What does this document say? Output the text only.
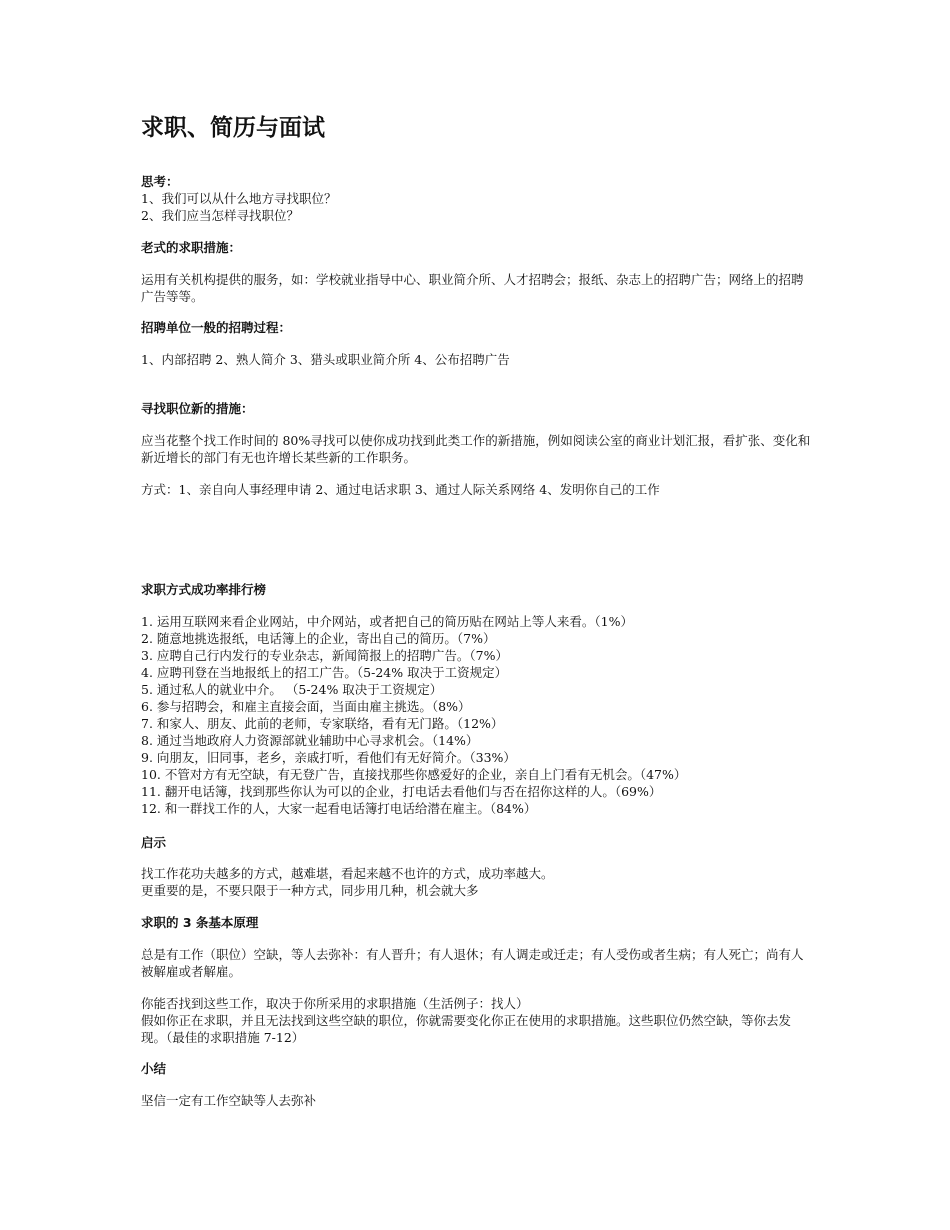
求职、简历与面试
思考：
1、我们可以从什么地方寻找职位？
2、我们应当怎样寻找职位？
老式的求职措施：
运用有关机构提供的服务，如：学校就业指导中心、职业简介所、人才招聘会；报纸、杂志上的招聘广告；网络上的招聘广告等等。
招聘单位一般的招聘过程：
1、内部招聘 2、熟人简介 3、猎头或职业简介所 4、公布招聘广告
寻找职位新的措施：
应当花整个找工作时间的 80%寻找可以使你成功找到此类工作的新措施，例如阅读公室的商业计划汇报，看扩张、变化和新近增长的部门有无也许增长某些新的工作职务。
方式：1、亲自向人事经理申请 2、通过电话求职 3、通过人际关系网络 4、发明你自己的工作
求职方式成功率排行榜
1. 运用互联网来看企业网站，中介网站，或者把自己的简历贴在网站上等人来看。（1%）
2. 随意地挑选报纸，电话簿上的企业，寄出自己的简历。（7%）
3. 应聘自己行内发行的专业杂志，新闻简报上的招聘广告。（7%）
4. 应聘刊登在当地报纸上的招工广告。（5-24% 取决于工资规定）
5. 通过私人的就业中介。 （5-24% 取决于工资规定）
6. 参与招聘会，和雇主直接会面，当面由雇主挑选。（8%）
7. 和家人、朋友、此前的老师，专家联络，看有无门路。（12%）
8. 通过当地政府人力资源部就业辅助中心寻求机会。（14%）
9. 向朋友，旧同事，老乡，亲戚打听，看他们有无好简介。（33%）
10. 不管对方有无空缺，有无登广告，直接找那些你感爱好的企业，亲自上门看有无机会。（47%）
11. 翻开电话簿，找到那些你认为可以的企业，打电话去看他们与否在招你这样的人。（69%）
12. 和一群找工作的人，大家一起看电话簿打电话给潜在雇主。（84%）
启示
找工作花功夫越多的方式，越难堪，看起来越不也许的方式，成功率越大。
更重要的是，不要只限于一种方式，同步用几种，机会就大多
求职的 3 条基本原理
总是有工作（职位）空缺，等人去弥补：有人晋升；有人退休；有人调走或迁走；有人受伤或者生病；有人死亡；尚有人被解雇或者解雇。
你能否找到这些工作，取决于你所采用的求职措施（生活例子：找人）
假如你正在求职，并且无法找到这些空缺的职位，你就需要变化你正在使用的求职措施。这些职位仍然空缺，等你去发现。（最佳的求职措施 7-12）
小结
坚信一定有工作空缺等人去弥补
